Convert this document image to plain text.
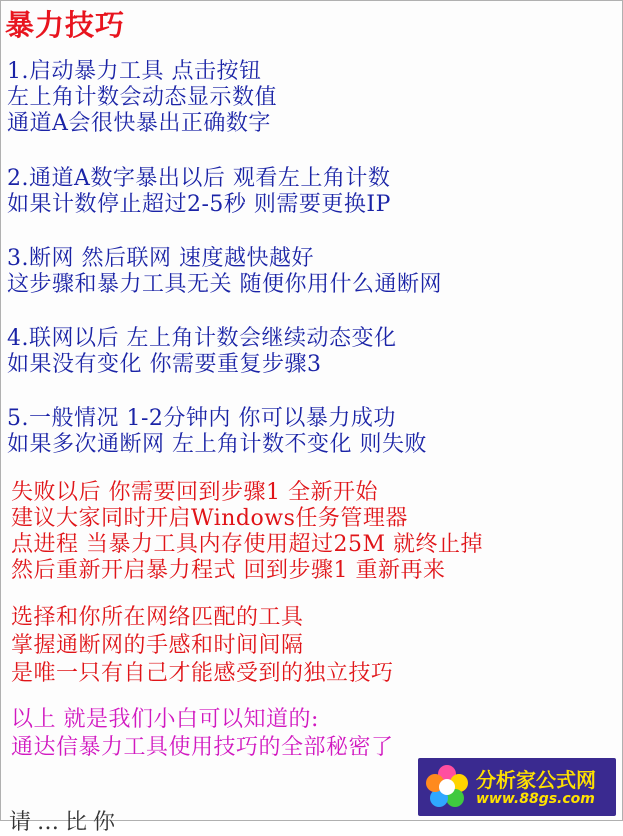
暴力技巧
1.启动暴力工具 点击按钮
左上角计数会动态显示数值
通道A会很快暴出正确数字
2.通道A数字暴出以后 观看左上角计数
如果计数停止超过2-5秒 则需要更换IP
3.断网 然后联网 速度越快越好
这步骤和暴力工具无关 随便你用什么通断网
4.联网以后 左上角计数会继续动态变化
如果没有变化 你需要重复步骤3
5.一般情况 1-2分钟内 你可以暴力成功
如果多次通断网 左上角计数不变化 则失败
失败以后 你需要回到步骤1 全新开始
建议大家同时开启Windows任务管理器
点进程 当暴力工具内存使用超过25M 就终止掉
然后重新开启暴力程式 回到步骤1 重新再来
选择和你所在网络匹配的工具
掌握通断网的手感和时间间隔
是唯一只有自己才能感受到的独立技巧
以上 就是我们小白可以知道的:
通达信暴力工具使用技巧的全部秘密了
请…比你
分析家公式网
www.88gs.com
